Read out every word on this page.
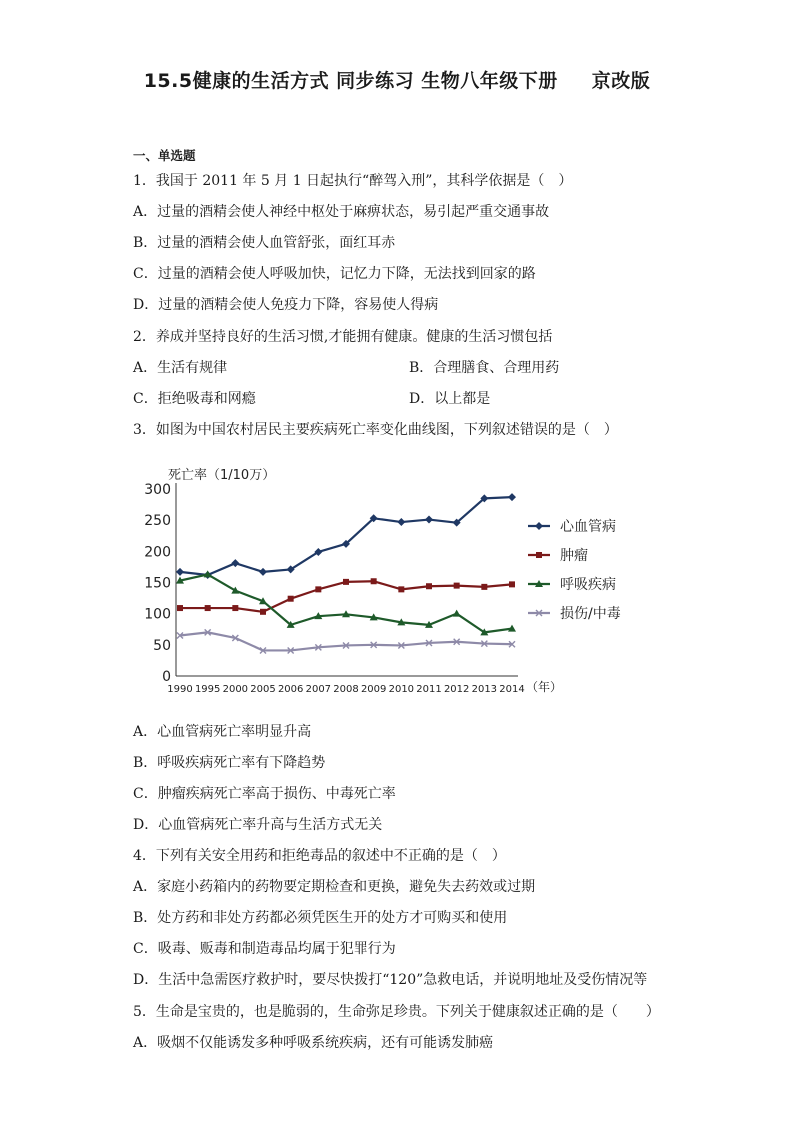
15.5健康的生活方式 同步练习 生物八年级下册 京改版
一、单选题
1．我国于 2011 年 5 月 1 日起执行“醉驾入刑”，其科学依据是（　）
A．过量的酒精会使人神经中枢处于麻痹状态，易引起严重交通事故
B．过量的酒精会使人血管舒张，面红耳赤
C．过量的酒精会使人呼吸加快，记忆力下降，无法找到回家的路
D．过量的酒精会使人免疫力下降，容易使人得病
2．养成并坚持良好的生活习惯,才能拥有健康。健康的生活习惯包括
A．生活有规律	B．合理膳食、合理用药
C．拒绝吸毒和网瘾	D．以上都是
3．如图为中国农村居民主要疾病死亡率变化曲线图，下列叙述错误的是（　）
死亡率（1/10万）
0
50
100
150
200
250
300
1990 1995 2000 2005 2006 2007 2008 2009 2010 2011 2012 2013 2014 （年）
心血管病
肿瘤
呼吸疾病
损伤/中毒
A．心血管病死亡率明显升高
B．呼吸疾病死亡率有下降趋势
C．肿瘤疾病死亡率高于损伤、中毒死亡率
D．心血管病死亡率升高与生活方式无关
4．下列有关安全用药和拒绝毒品的叙述中不正确的是（　）
A．家庭小药箱内的药物要定期检查和更换，避免失去药效或过期
B．处方药和非处方药都必须凭医生开的处方才可购买和使用
C．吸毒、贩毒和制造毒品均属于犯罪行为
D．生活中急需医疗救护时，要尽快拨打“120”急救电话，并说明地址及受伤情况等
5．生命是宝贵的，也是脆弱的，生命弥足珍贵。下列关于健康叙述正确的是（　　）
A．吸烟不仅能诱发多种呼吸系统疾病，还有可能诱发肺癌
